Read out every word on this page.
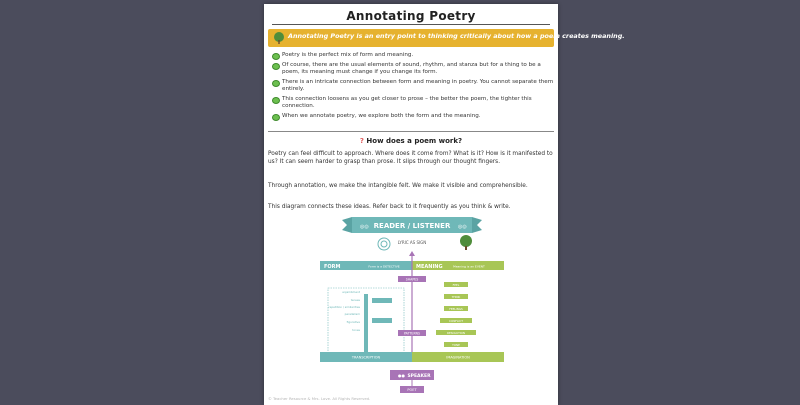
Annotating Poetry
Annotating Poetry is an entry point to thinking critically about how a poem creates meaning.
Poetry is the perfect mix of form and meaning.
Of course, there are the usual elements of sound, rhythm, and stanza but for a thing to be a poem, its meaning must change if you change its form.
There is an intricate connection between form and meaning in poetry. You cannot separate them entirely.
This connection loosens as you get closer to prose – the better the poem, the tighter this connection.
When we annotate poetry, we explore both the form and the meaning.
? How does a poem work?
Poetry can feel difficult to approach. Where does it come from? What is it? How is it manifested to us? It can seem harder to grasp than prose. It slips through our thought fingers.
Through annotation, we make the intangible felt. We make it visible and comprehensible.
This diagram connects these ideas. Refer back to it frequently as you think & write.
◎◎ READER / LISTENER ◎◎
LYRIC AS SIGN
FORM	Form is a DETECTIVE	MEANING	Meaning is an EVENT
enjambment
tenses
repetition / similarities
parallelism
figurative
tones
SHAPES
PATTERNS
FEEL
THINK
FEELINGS
CONFLICT
RESOLUTION
TONE
TRANSCRIPTION	IMAGINATION
●● SPEAKER
POET
© Teacher Resource & Mrs. Love. All Rights Reserved.
